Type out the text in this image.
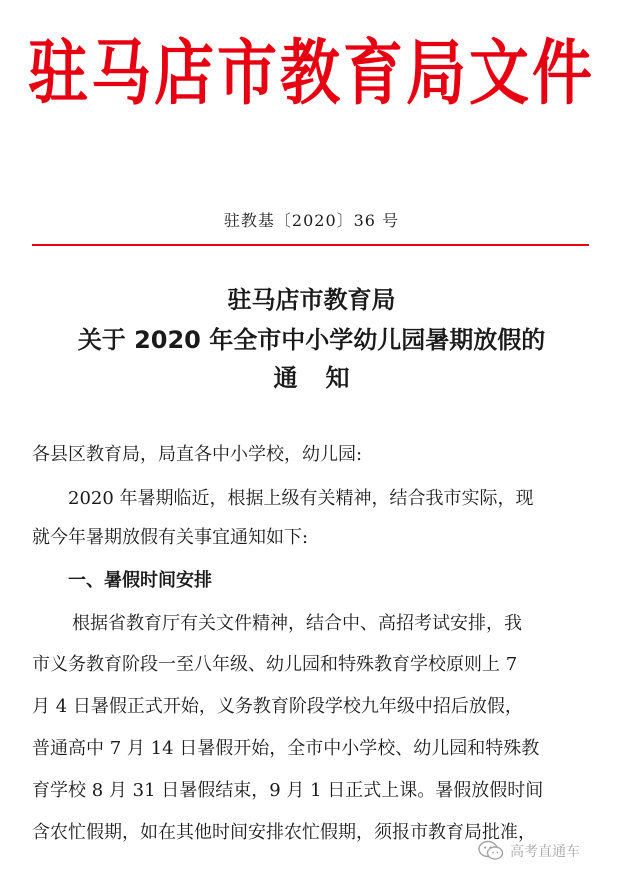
驻马店市教育局文件
驻教基〔2020〕36 号
驻马店市教育局
关于 2020 年全市中小学幼儿园暑期放假的
通知
各县区教育局，局直各中小学校，幼儿园:
2020 年暑期临近，根据上级有关精神，结合我市实际，现
就今年暑期放假有关事宜通知如下:
一、暑假时间安排
根据省教育厅有关文件精神，结合中、高招考试安排，我
市义务教育阶段一至八年级、幼儿园和特殊教育学校原则上 7
月 4 日暑假正式开始，义务教育阶段学校九年级中招后放假，
普通高中 7 月 14 日暑假开始，全市中小学校、幼儿园和特殊教
育学校 8 月 31 日暑假结束，9 月 1 日正式上课。暑假放假时间
含农忙假期，如在其他时间安排农忙假期，须报市教育局批准，
高考直通车
